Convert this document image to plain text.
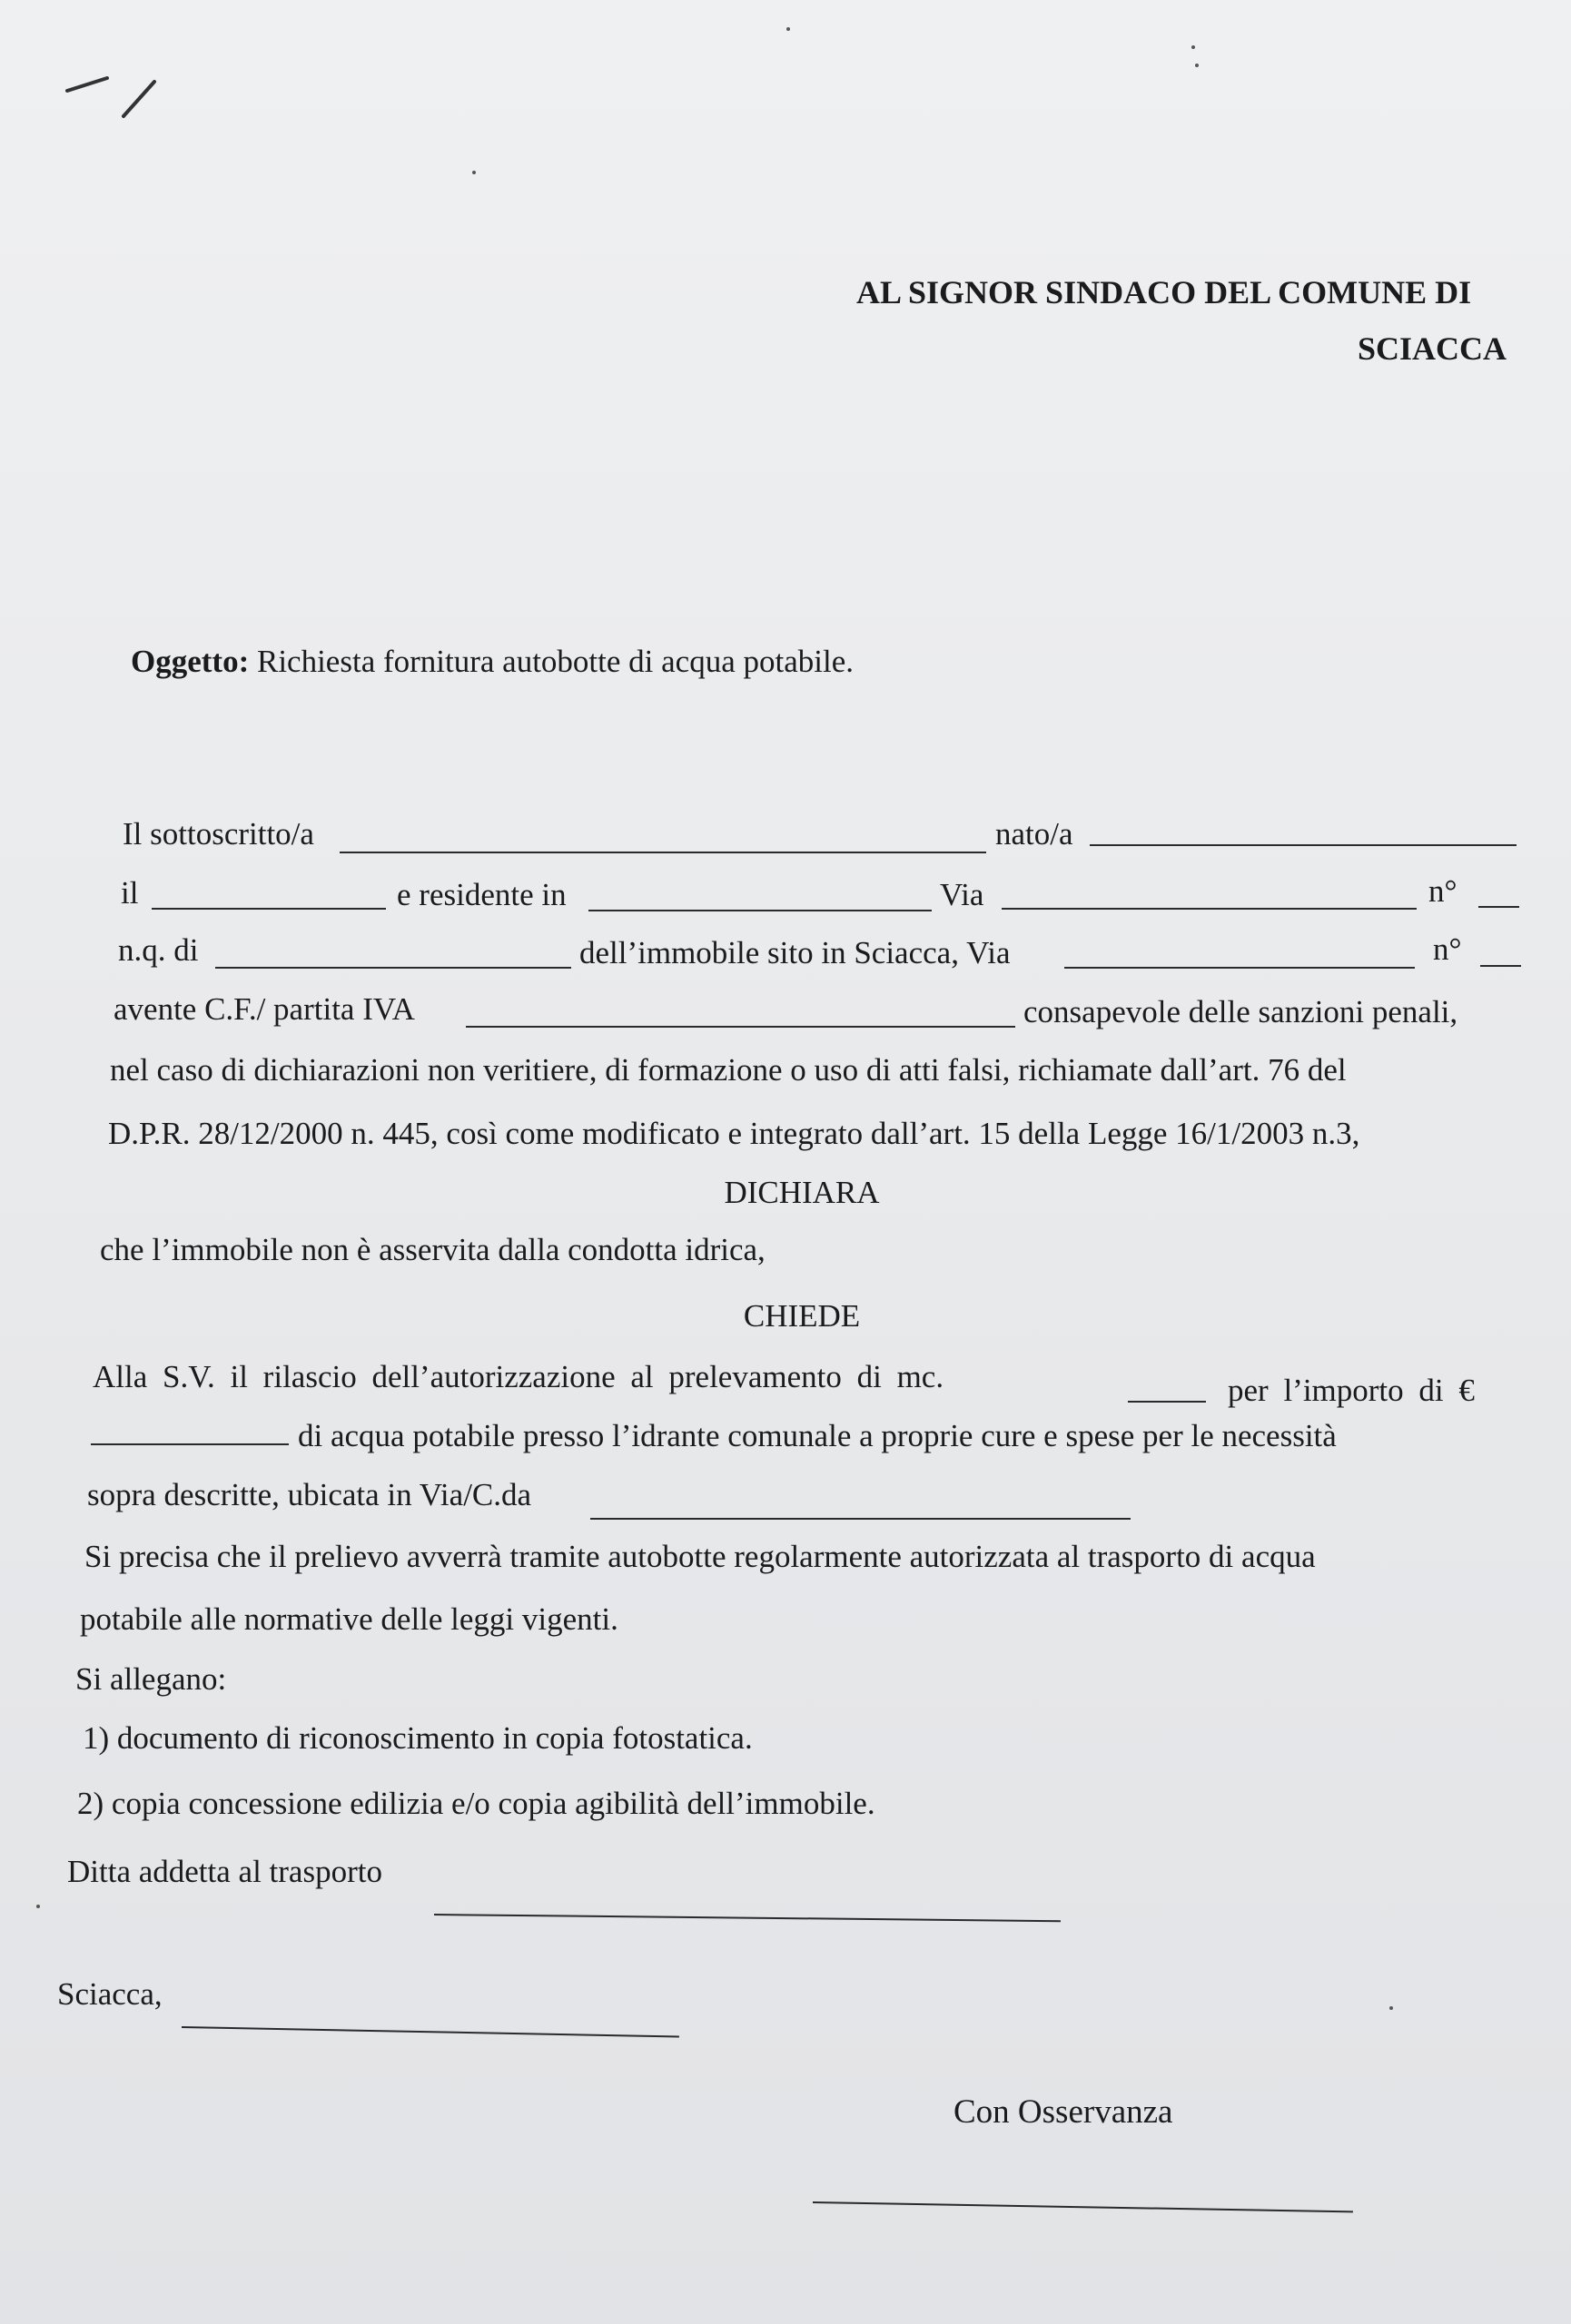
AL SIGNOR SINDACO DEL COMUNE DI
SCIACCA
Oggetto: Richiesta fornitura autobotte di acqua potabile.
Il sottoscritto/a	nato/a
il	e residente in	Via	n°
n.q. di	dell’immobile sito in Sciacca, Via	n°
avente C.F./ partita IVA	consapevole delle sanzioni penali,
nel caso di dichiarazioni non veritiere, di formazione o uso di atti falsi, richiamate dall’art. 76 del
D.P.R. 28/12/2000 n. 445, così come modificato e integrato dall’art. 15 della Legge 16/1/2003 n.3,
DICHIARA
che l’immobile non è asservita dalla condotta idrica,
CHIEDE
Alla S.V. il rilascio dell’autorizzazione al prelevamento di mc.	per l’importo di €
di acqua potabile presso l’idrante comunale a proprie cure e spese per le necessità
sopra descritte, ubicata in Via/C.da
Si precisa che il prelievo avverrà tramite autobotte regolarmente autorizzata al trasporto di acqua
potabile alle normative delle leggi vigenti.
Si allegano:
1) documento di riconoscimento in copia fotostatica.
2) copia concessione edilizia e/o copia agibilità dell’immobile.
Ditta addetta al trasporto
Sciacca,
Con Osservanza
